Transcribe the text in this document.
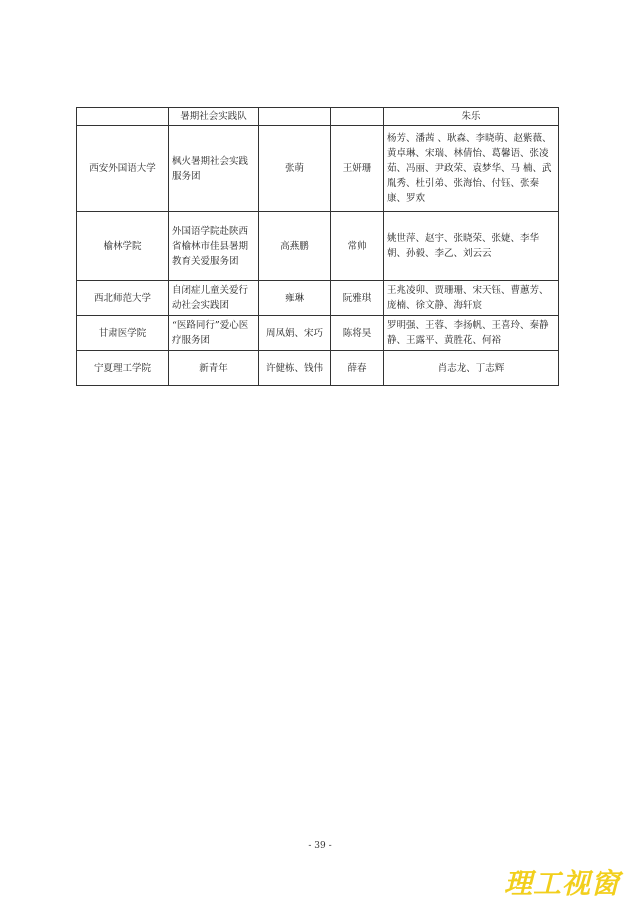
	暑期社会实践队			朱乐
西安外国语大学	枫火暑期社会实践服务团	张萌	王妍珊	杨芳、潘茜 、耿森、李晓萌、赵紫薇、黄卓琳、宋瑞、林倩怡、葛馨语、张凌茹、冯丽、尹政荣、袁梦华、马 楠、武胤秀、杜引弟、张海怡、付钰、张秦康、罗欢
榆林学院	外国语学院赴陕西省榆林市佳县暑期教育关爱服务团	高燕鹏	常帅	姚世萍、赵宇、张晓荣、张婕、李华朝、孙毅、李乙、刘云云
西北师范大学	自闭症儿童关爱行动社会实践团	雍琳	阮雅琪	王兆凌卯、贾珊珊、宋天钰、曹蕙芳、庞楠、徐文静、海轩宸
甘肃医学院	“医路同行”爱心医疗服务团	周凤娟、宋巧	陈将昊	罗明强、王蓉、李扬帆、王喜玲、秦静静、王露平、黄胜花、何裕
宁夏理工学院	新青年	许健栋、钱伟	薛春	肖志龙、丁志辉
- 39 -
理工视窗
